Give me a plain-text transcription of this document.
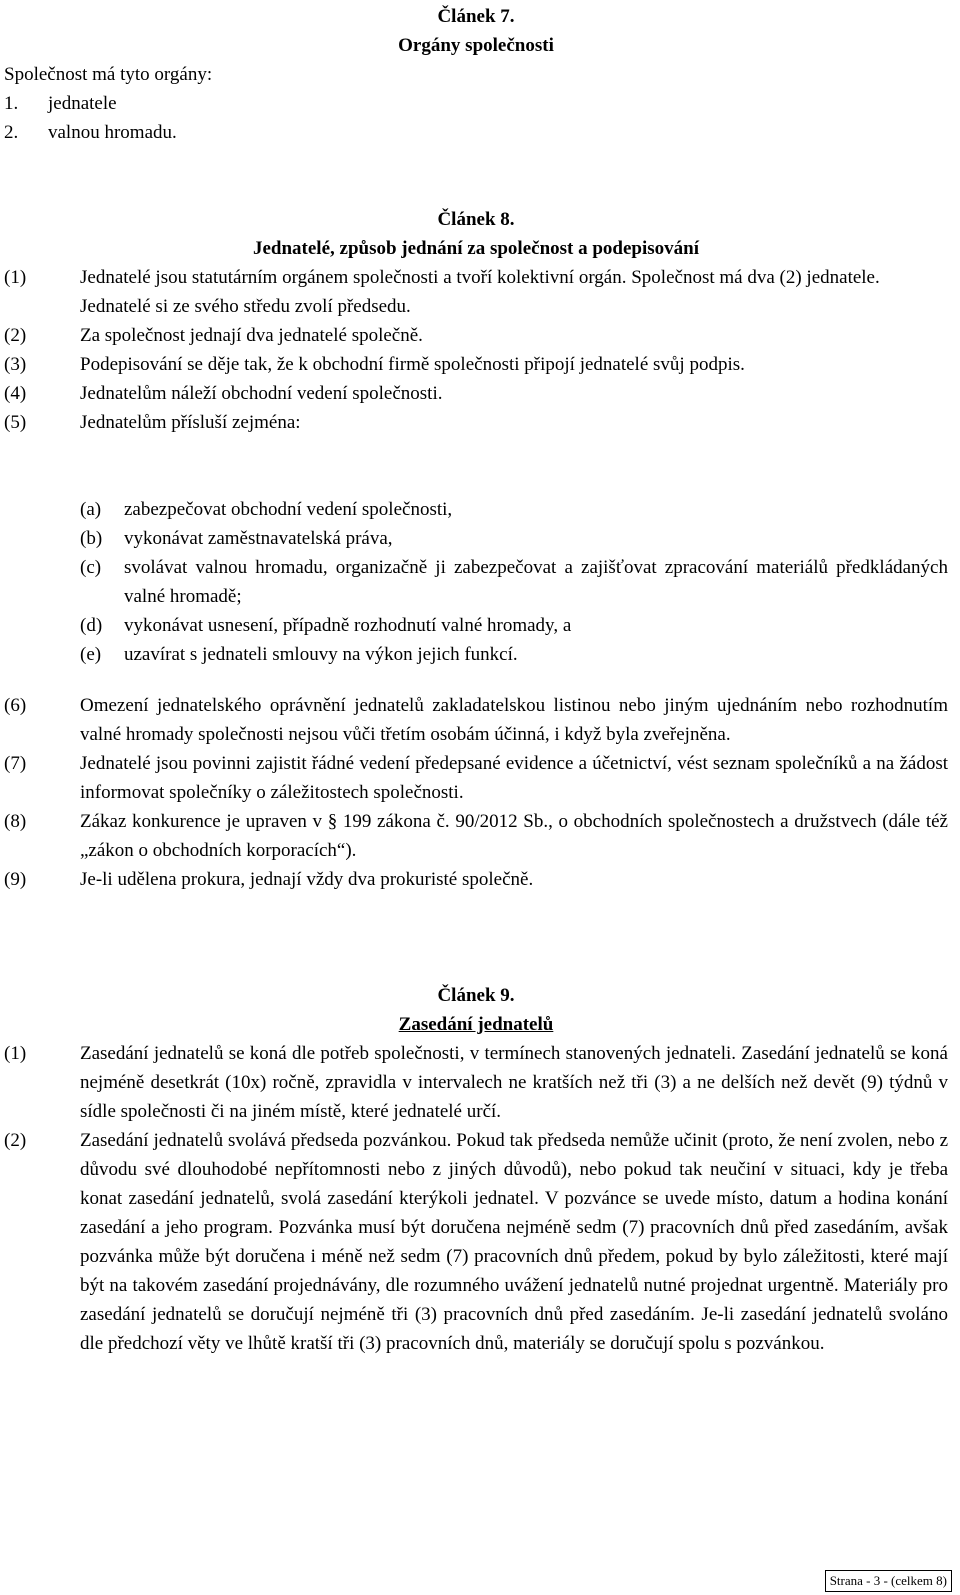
Článek 7.
Orgány společnosti
Společnost má tyto orgány:
1.	jednatele
2.	valnou hromadu.
Článek 8.
Jednatelé, způsob jednání za společnost a podepisování
(1)	Jednatelé jsou statutárním orgánem společnosti a tvoří kolektivní orgán. Společnost má dva (2) jednatele. Jednatelé si ze svého středu zvolí předsedu.
(2)	Za společnost jednají dva jednatelé společně.
(3)	Podepisování se děje tak, že k obchodní firmě společnosti připojí jednatelé svůj podpis.
(4)	Jednatelům náleží obchodní vedení společnosti.
(5)	Jednatelům přísluší zejména:
(a)	zabezpečovat obchodní vedení společnosti,
(b)	vykonávat zaměstnavatelská práva,
(c)	svolávat valnou hromadu, organizačně ji zabezpečovat a zajišťovat zpracování materiálů předkládaných valné hromadě;
(d)	vykonávat usnesení, případně rozhodnutí valné hromady, a
(e)	uzavírat s jednateli smlouvy na výkon jejich funkcí.
(6)	Omezení jednatelského oprávnění jednatelů zakladatelskou listinou nebo jiným ujednáním nebo rozhodnutím valné hromady společnosti nejsou vůči třetím osobám účinná, i když byla zveřejněna.
(7)	Jednatelé jsou povinni zajistit řádné vedení předepsané evidence a účetnictví, vést seznam společníků a na žádost informovat společníky o záležitostech společnosti.
(8)	Zákaz konkurence je upraven v § 199 zákona č. 90/2012 Sb., o obchodních společnostech a družstvech (dále též „zákon o obchodních korporacích“).
(9)	Je-li udělena prokura, jednají vždy dva prokuristé společně.
Článek 9.
Zasedání jednatelů
(1)	Zasedání jednatelů se koná dle potřeb společnosti, v termínech stanovených jednateli. Zasedání jednatelů se koná nejméně desetkrát (10x) ročně, zpravidla v intervalech ne kratších než tři (3) a ne delších než devět (9) týdnů v sídle společnosti či na jiném místě, které jednatelé určí.
(2)	Zasedání jednatelů svolává předseda pozvánkou. Pokud tak předseda nemůže učinit (proto, že není zvolen, nebo z důvodu své dlouhodobé nepřítomnosti nebo z jiných důvodů), nebo pokud tak neučiní v situaci, kdy je třeba konat zasedání jednatelů, svolá zasedání kterýkoli jednatel. V pozvánce se uvede místo, datum a hodina konání zasedání a jeho program. Pozvánka musí být doručena nejméně sedm (7) pracovních dnů před zasedáním, avšak pozvánka může být doručena i méně než sedm (7) pracovních dnů předem, pokud by bylo záležitosti, které mají být na takovém zasedání projednávány, dle rozumného uvážení jednatelů nutné projednat urgentně. Materiály pro zasedání jednatelů se doručují nejméně tři (3) pracovních dnů před zasedáním. Je-li zasedání jednatelů svoláno dle předchozí věty ve lhůtě kratší tři (3) pracovních dnů, materiály se doručují spolu s pozvánkou.
Strana - 3 - (celkem 8)
